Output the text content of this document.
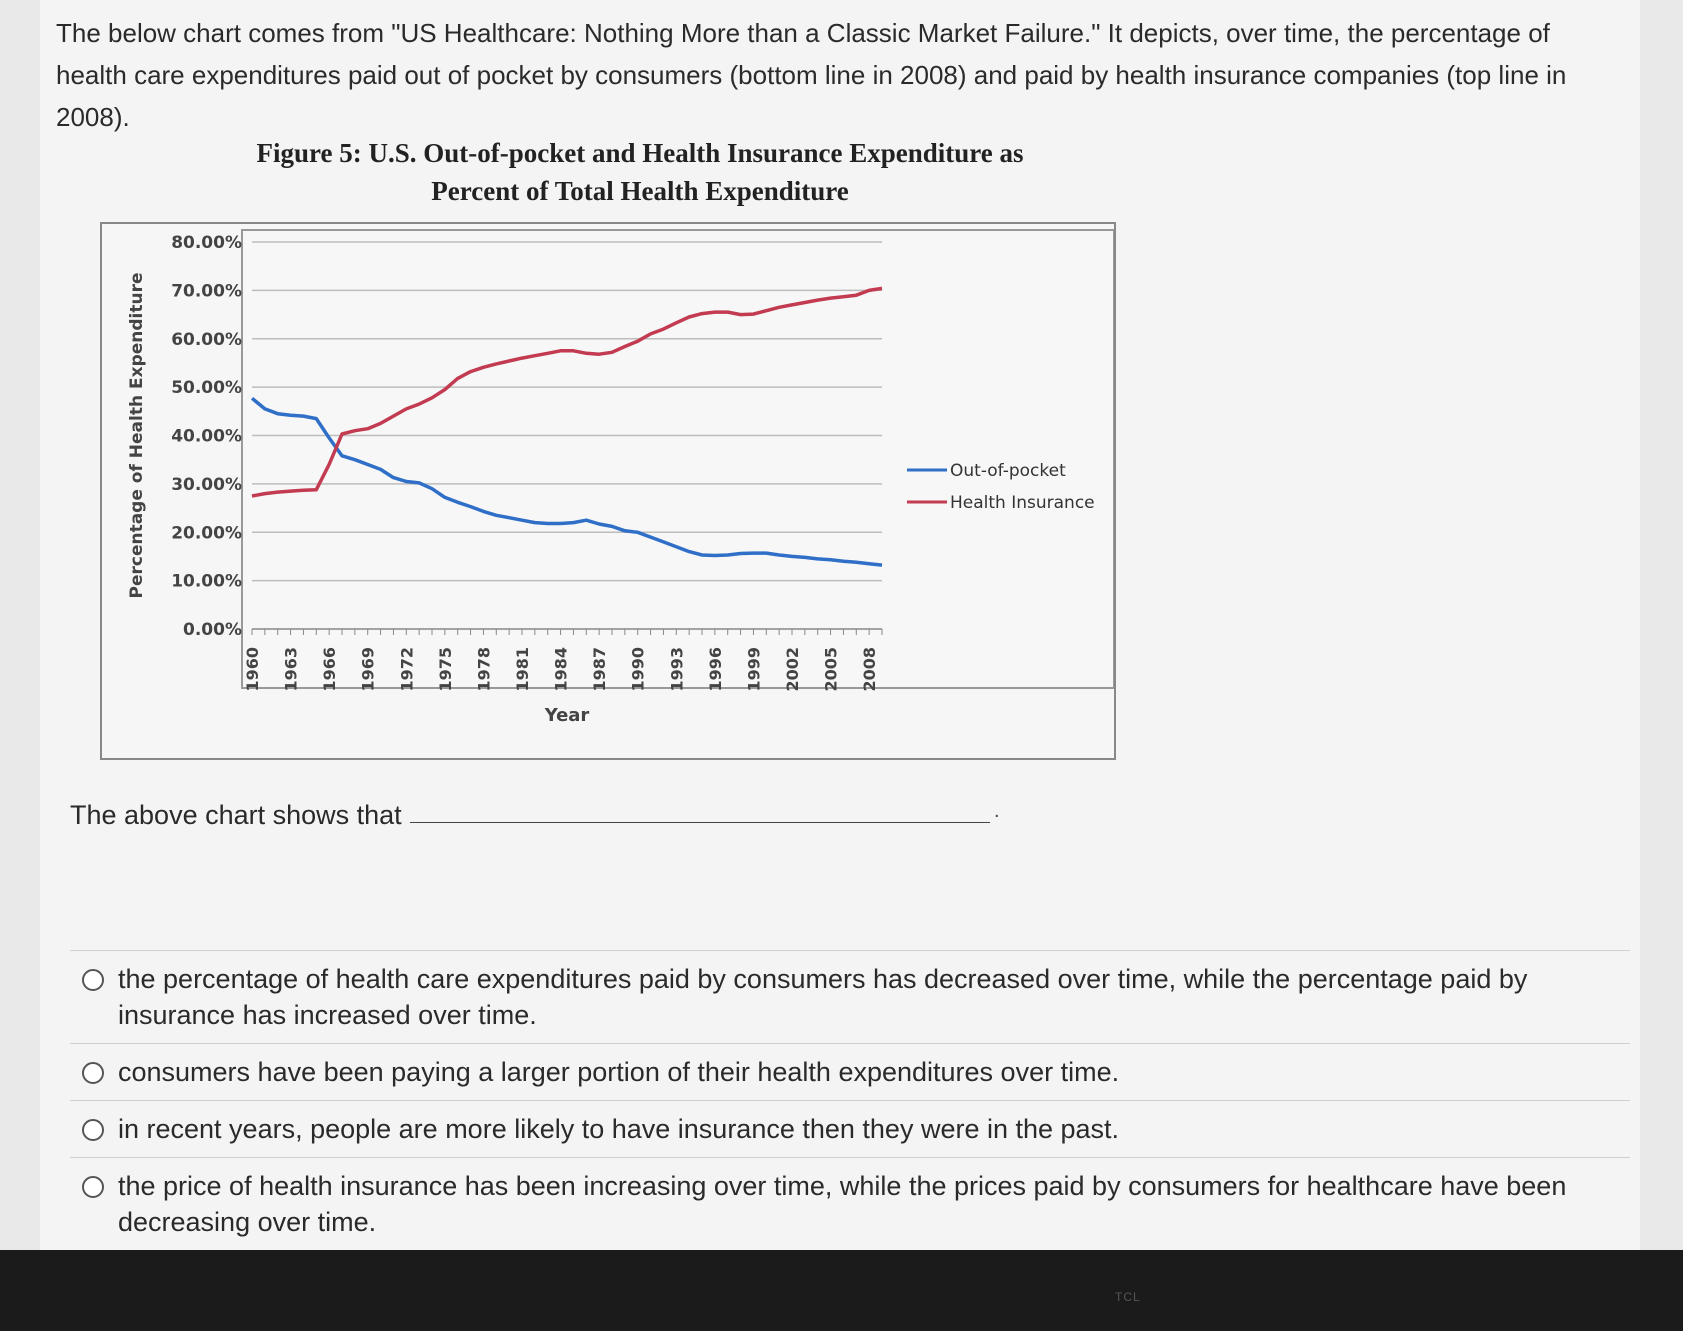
The below chart comes from "US Healthcare: Nothing More than a Classic Market Failure." It depicts, over time, the percentage of health care expenditures paid out of pocket by consumers (bottom line in 2008) and paid by health insurance companies (top line in 2008).
Figure 5: U.S. Out-of-pocket and Health Insurance Expenditure as
Percent of Total Health Expenditure
0.00%
10.00%
20.00%
30.00%
40.00%
50.00%
60.00%
70.00%
80.00%
1960 1963 1966 1969 1972 1975 1978 1981 1984 1987 1990 1993 1996 1999 2002 2005 2008
Year
Percentage of Health Expenditure	Out-of-pocket
Health Insurance
The above chart shows that	.
the percentage of health care expenditures paid by consumers has decreased over time, while the percentage paid by insurance has increased over time.
consumers have been paying a larger portion of their health expenditures over time.
in recent years, people are more likely to have insurance then they were in the past.
the price of health insurance has been increasing over time, while the prices paid by consumers for healthcare have been decreasing over time.
TCL
